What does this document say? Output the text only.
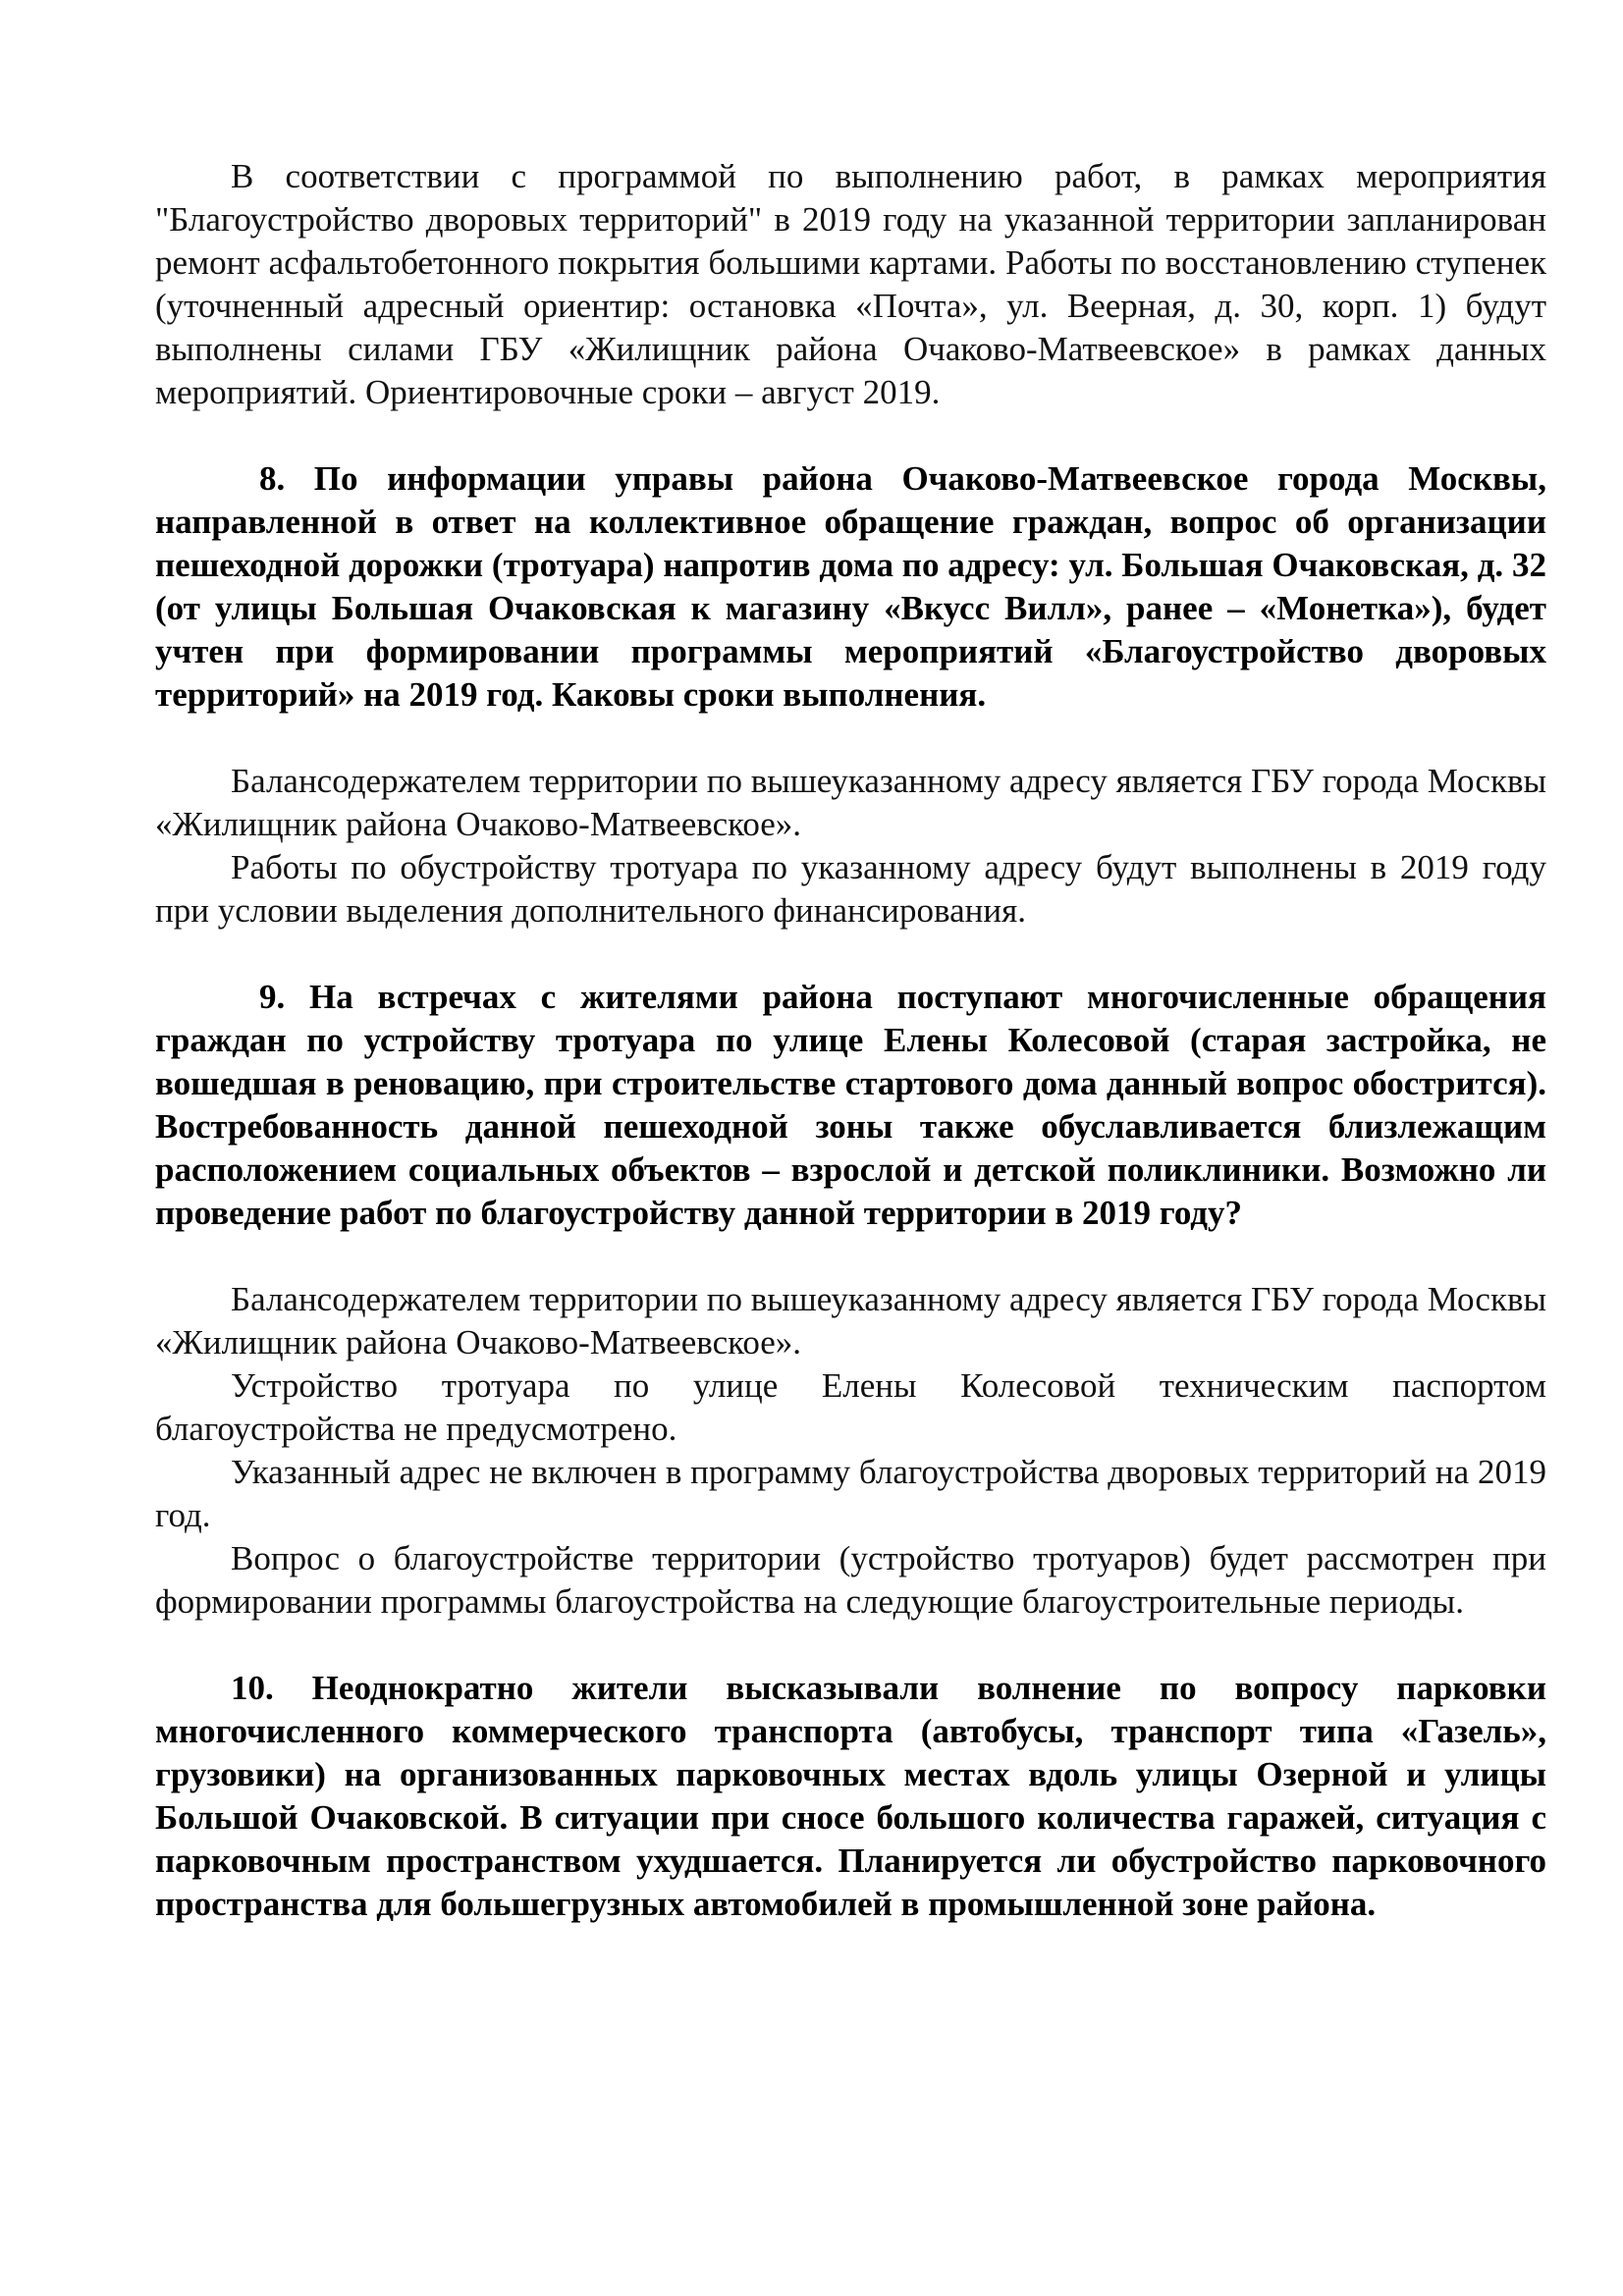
В соответствии с программой по выполнению работ, в рамках мероприятия "Благоустройство дворовых территорий" в 2019 году на указанной территории запланирован ремонт асфальтобетонного покрытия большими картами. Работы по восстановлению ступенек (уточненный адресный ориентир: остановка «Почта», ул. Веерная, д. 30, корп. 1) будут выполнены силами ГБУ «Жилищник района Очаково-Матвеевское» в рамках данных мероприятий. Ориентировочные сроки – август 2019.

8. По информации управы района Очаково-Матвеевское города Москвы, направленной в ответ на коллективное обращение граждан, вопрос об организации пешеходной дорожки (тротуара) напротив дома по адресу: ул. Большая Очаковская, д. 32 (от улицы Большая Очаковская к магазину «Вкусс Вилл», ранее – «Монетка»), будет учтен при формировании программы мероприятий «Благоустройство дворовых территорий» на 2019 год. Каковы сроки выполнения.

Балансодержателем территории по вышеуказанному адресу является ГБУ города Москвы «Жилищник района Очаково-Матвеевское».

Работы по обустройству тротуара по указанному адресу будут выполнены в 2019 году при условии выделения дополнительного финансирования.

9. На встречах с жителями района поступают многочисленные обращения граждан по устройству тротуара по улице Елены Колесовой (старая застройка, не вошедшая в реновацию, при строительстве стартового дома данный вопрос обострится). Востребованность данной пешеходной зоны также обуславливается близлежащим расположением социальных объектов – взрослой и детской поликлиники. Возможно ли проведение работ по благоустройству данной территории в 2019 году?

Балансодержателем территории по вышеуказанному адресу является ГБУ города Москвы «Жилищник района Очаково-Матвеевское».

Устройство тротуара по улице Елены Колесовой техническим паспортом благоустройства не предусмотрено.

Указанный адрес не включен в программу благоустройства дворовых территорий на 2019 год.

Вопрос о благоустройстве территории (устройство тротуаров) будет рассмотрен при формировании программы благоустройства на следующие благоустроительные периоды.

10. Неоднократно жители высказывали волнение по вопросу парковки многочисленного коммерческого транспорта (автобусы, транспорт типа «Газель», грузовики) на организованных парковочных местах вдоль улицы Озерной и улицы Большой Очаковской. В ситуации при сносе большого количества гаражей, ситуация с парковочным пространством ухудшается. Планируется ли обустройство парковочного пространства для большегрузных автомобилей в промышленной зоне района.
